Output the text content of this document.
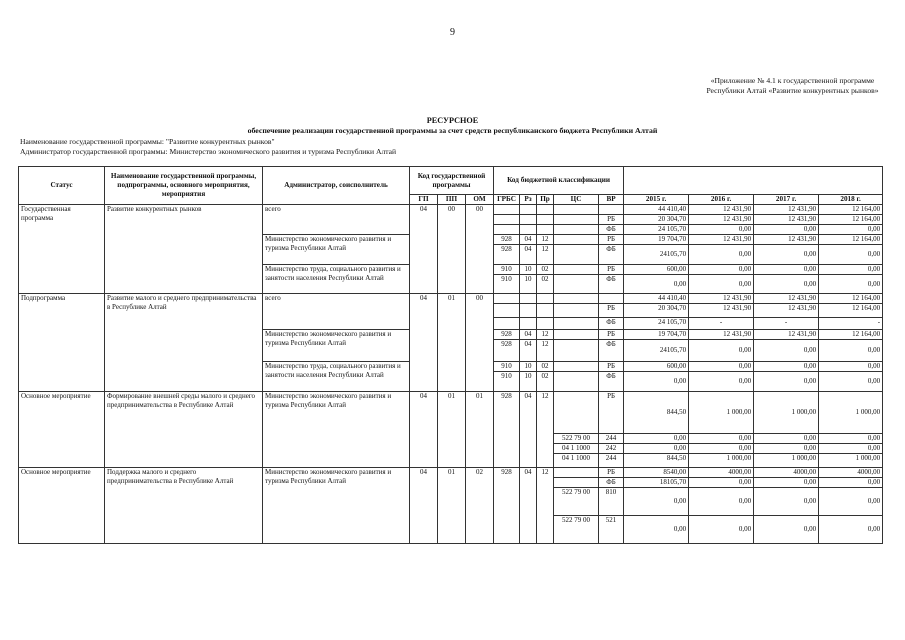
9
«Приложение № 4.1 к государственной программе Республики Алтай «Развитие конкурентных рынков»
РЕСУРСНОЕ
обеспечение реализации государственной программы за счет средств республиканского бюджета Республики Алтай
Наименование государственной программы: "Развитие конкурентных рынков"
Администратор государственной программы: Министерство экономического развития и туризма Республики Алтай
Статус	Наименование государственной программы, подпрограммы, основного мероприятия, мероприятия	Администратор, соисполнитель	Код государственной программы			Код бюджетной классификации								

			ГП	ПП	ОМ	ГРБС	Рз	Пр	ЦС	ВР	2015 г.	2016 г.	2017 г.	2018 г.
Государственная программа	Развитие конкурентных рынков	всего	04	00	00						44 410,40	12 431,90	12 431,90	12 164,00
										РБ	20 304,70	12 431,90	12 431,90	12 164,00
										ФБ	24 105,70	0,00	0,00	0,00
		Министерство экономического развития и туризма Республики Алтай				928	04	12		РБ	19 704,70	12 431,90	12 431,90	12 164,00
						928	04	12		ФБ	24105,70	0,00	0,00	0,00
		Министерство труда, социального развития и занятости населения Республики Алтай				910	10	02		РБ	600,00	0,00	0,00	0,00
						910	10	02		ФБ	0,00	0,00	0,00	0,00
Подпрограмма	Развитие малого и среднего предпринимательства в Республике Алтай	всего	04	01	00						44 410,40	12 431,90	12 431,90	12 164,00
										РБ	20 304,70	12 431,90	12 431,90	12 164,00
										ФБ	24 105,70	-	-	-
		Министерство экономического развития и туризма Республики Алтай				928	04	12		РБ	19 704,70	12 431,90	12 431,90	12 164,00
						928	04	12		ФБ	24105,70	0,00	0,00	0,00
		Министерство труда, социального развития и занятости населения Республики Алтай				910	10	02		РБ	600,00	0,00	0,00	0,00
						910	10	02		ФБ	0,00	0,00	0,00	0,00
Основное мероприятие	Формирование внешней среды малого и среднего предпринимательства в Республике Алтай	Министерство экономического развития и туризма Республики Алтай	04	01	01	928	04	12		РБ	844,50	1 000,00	1 000,00	1 000,00
									522 79 00	244	0,00	0,00	0,00	0,00
									04 1 1000	242	0,00	0,00	0,00	0,00
									04 1 1000	244	844,50	1 000,00	1 000,00	1 000,00
Основное мероприятие	Поддержка малого и среднего предпринимательства в Республике Алтай	Министерство экономического развития и туризма Республики Алтай	04	01	02	928	04	12		РБ	8540,00	4000,00	4000,00	4000,00
										ФБ	18105,70	0,00	0,00	0,00
									522 79 00	810	0,00	0,00	0,00	0,00
									522 79 00	521	0,00	0,00	0,00	0,00
